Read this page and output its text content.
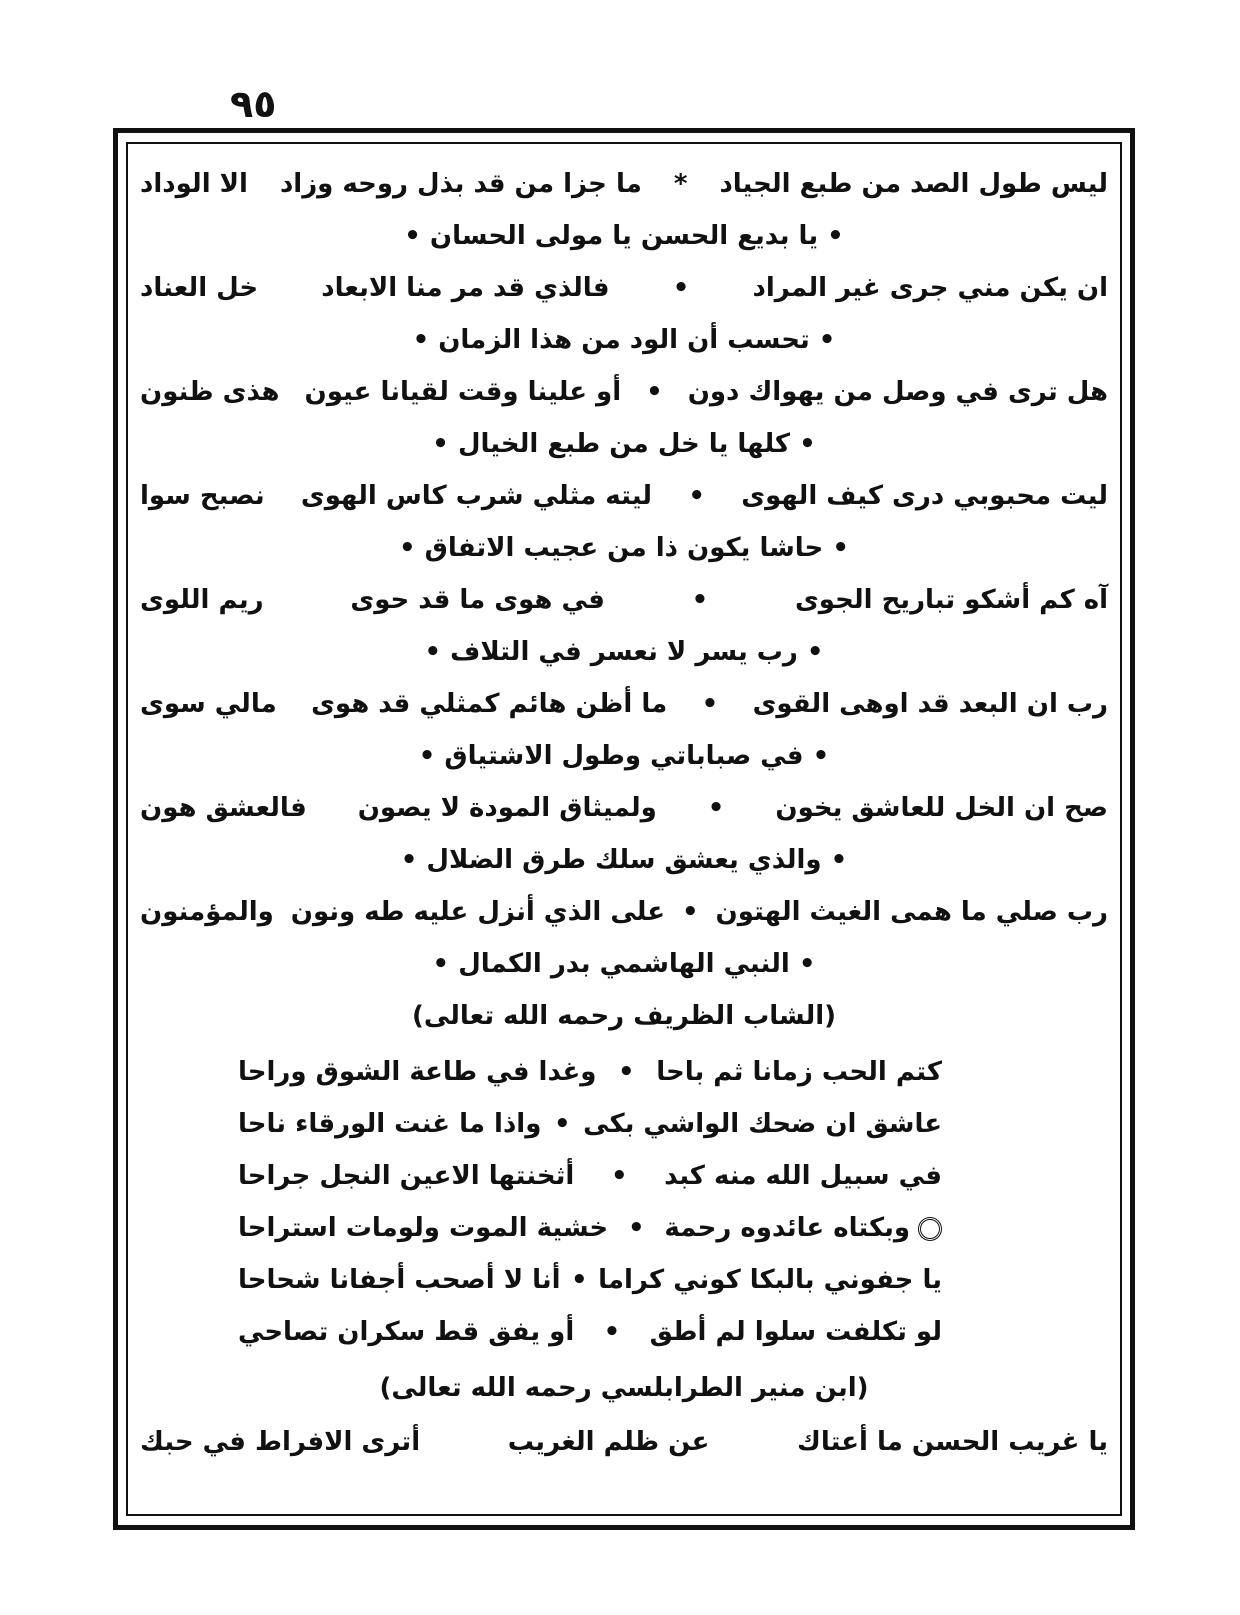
٩٥
ليس طول الصد من طبع الجياد
*
ما جزا من قد بذل روحه وزاد
الا الوداد
• يا بديع الحسن يا مولى الحسان •
ان يكن مني جرى غير المراد
•
فالذي قد مر منا الابعاد
خل العناد
• تحسب أن الود من هذا الزمان •
هل ترى في وصل من يهواك دون
•
أو علينا وقت لقيانا عيون
هذى ظنون
• كلها يا خل من طبع الخيال •
ليت محبوبي درى كيف الهوى
•
ليته مثلي شرب كاس الهوى
نصبح سوا
• حاشا يكون ذا من عجيب الاتفاق •
آه كم أشكو تباريح الجوى
•
في هوى ما قد حوى
ريم اللوى
• رب يسر لا نعسر في التلاف •
رب ان البعد قد اوهى القوى
•
ما أظن هائم كمثلي قد هوى
مالي سوى
• في صباباتي وطول الاشتياق •
صح ان الخل للعاشق يخون
•
ولميثاق المودة لا يصون
فالعشق هون
• والذي يعشق سلك طرق الضلال •
رب صلي ما همى الغيث الهتون
•
على الذي أنزل عليه طه ونون
والمؤمنون
• النبي الهاشمي بدر الكمال •
(الشاب الظريف رحمه الله تعالى)
كتم الحب زمانا ثم باحا
•
وغدا في طاعة الشوق وراحا
عاشق ان ضحك الواشي بكى
•
واذا ما غنت الورقاء ناحا
في سبيل الله منه كبد
•
أثخنتها الاعين النجل جراحا
وبكتاه عائدوه رحمة
•
خشية الموت ولومات استراحا
يا جفوني بالبكا كوني كراما
•
أنا لا أصحب أجفانا شحاحا
لو تكلفت سلوا لم أطق
•
أو يفق قط سكران تصاحي
(ابن منير الطرابلسي رحمه الله تعالى)
يا غريب الحسن ما أعتاك
عن ظلم الغريب
أترى الافراط في حبك
